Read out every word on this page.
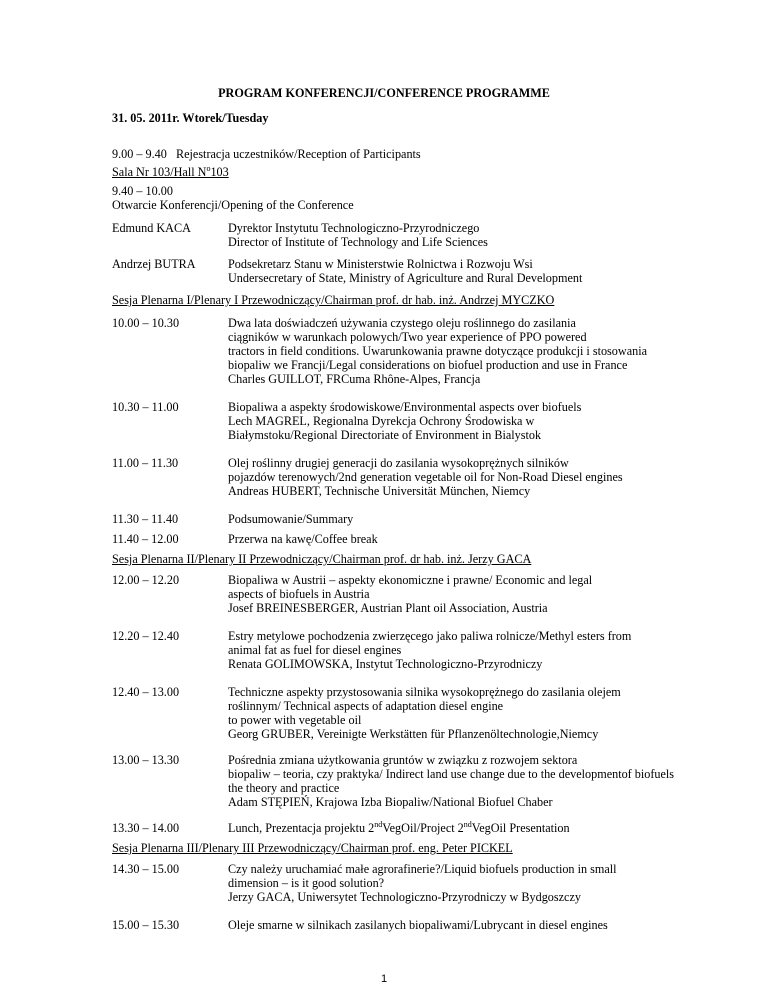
PROGRAM KONFERENCJI/CONFERENCE PROGRAMME
31. 05. 2011r. Wtorek/Tuesday
9.00 – 9.40 Rejestracja uczestników/Reception of Participants
Sala Nr 103/Hall $N^o103$
9.40 – 10.00
Otwarcie Konferencji/Opening of the Conference
Edmund KACA	Dyrektor Instytutu Technologiczno-Przyrodniczego
Director of Institute of Technology and Life Sciences
Andrzej BUTRA	Podsekretarz Stanu w Ministerstwie Rolnictwa i Rozwoju Wsi
Undersecretary of State, Ministry of Agriculture and Rural Development
Sesja Plenarna I/Plenary I Przewodniczący/Chairman prof. dr hab. inż. Andrzej MYCZKO
10.00 – 10.30	Dwa lata doświadczeń używania czystego oleju roślinnego do zasilania
ciągników w warunkach polowych/Two year experience of PPO powered
tractors in field conditions. Uwarunkowania prawne dotyczące produkcji i stosowania
biopaliw we Francji/Legal considerations on biofuel production and use in France
Charles GUILLOT, FRCuma Rhône-Alpes, Francja
10.30 – 11.00	Biopaliwa a aspekty środowiskowe/Environmental aspects over biofuels
Lech MAGREL, Regionalna Dyrekcja Ochrony Środowiska w
Białymstoku/Regional Directoriate of Environment in Bialystok
11.00 – 11.30	Olej roślinny drugiej generacji do zasilania wysokoprężnych silników
pojazdów terenowych/2nd generation vegetable oil for Non-Road Diesel engines
Andreas HUBERT, Technische Universität München, Niemcy
11.30 – 11.40	Podsumowanie/Summary
11.40 – 12.00	Przerwa na kawę/Coffee break
Sesja Plenarna II/Plenary II Przewodniczący/Chairman prof. dr hab. inż. Jerzy GACA
12.00 – 12.20	Biopaliwa w Austrii – aspekty ekonomiczne i prawne/ Economic and legal
aspects of biofuels in Austria
Josef BREINESBERGER, Austrian Plant oil Association, Austria
12.20 – 12.40	Estry metylowe pochodzenia zwierzęcego jako paliwa rolnicze/Methyl esters from
animal fat as fuel for diesel engines
Renata GOLIMOWSKA, Instytut Technologiczno-Przyrodniczy
12.40 – 13.00	Techniczne aspekty przystosowania silnika wysokoprężnego do zasilania olejem
roślinnym/ Technical aspects of adaptation diesel engine
to power with vegetable oil
Georg GRUBER, Vereinigte Werkstätten für Pflanzenöltechnologie,Niemcy
13.00 – 13.30	Pośrednia zmiana użytkowania gruntów w związku z rozwojem sektora
biopaliw – teoria, czy praktyka/ Indirect land use change due to the developmentof biofuels
the theory and practice
Adam STĘPIEŃ, Krajowa Izba Biopaliw/National Biofuel Chaber
13.30 – 14.00	Lunch, Prezentacja projektu 2ndVegOil/Project 2ndVegOil Presentation
Sesja Plenarna III/Plenary III Przewodniczący/Chairman prof. eng. Peter PICKEL
14.30 – 15.00	Czy należy uruchamiać małe agrorafinerie?/Liquid biofuels production in small
dimension – is it good solution?
Jerzy GACA, Uniwersytet Technologiczno-Przyrodniczy w Bydgoszczy
15.00 – 15.30	Oleje smarne w silnikach zasilanych biopaliwami/Lubrycant in diesel engines
1
